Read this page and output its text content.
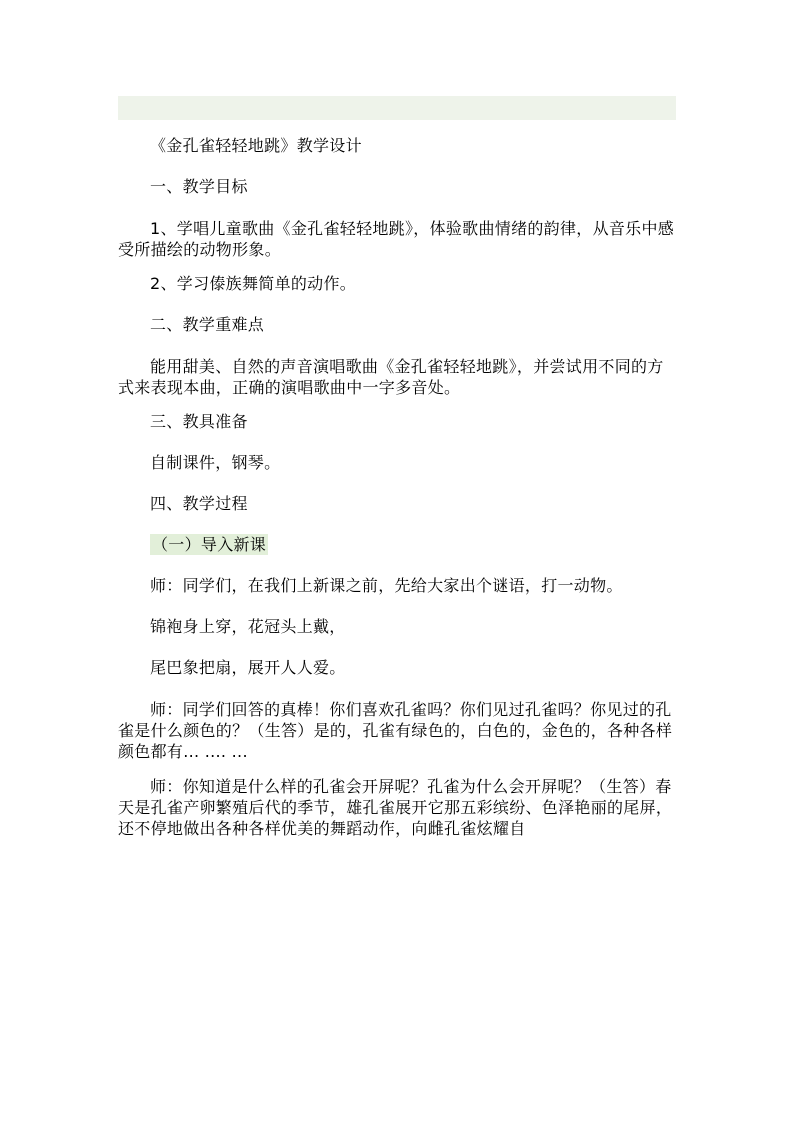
《金孔雀轻轻地跳》教学设计

一、教学目标

1、学唱儿童歌曲《金孔雀轻轻地跳》，体验歌曲情绪的韵律，从音乐中感受所描绘的动物形象。

2、学习傣族舞简单的动作。

二、教学重难点

能用甜美、自然的声音演唱歌曲《金孔雀轻轻地跳》，并尝试用不同的方式来表现本曲，正确的演唱歌曲中一字多音处。

三、教具准备

自制课件，钢琴。

四、教学过程

（一）导入新课

师：同学们，在我们上新课之前，先给大家出个谜语，打一动物。

锦袍身上穿，花冠头上戴，

尾巴象把扇，展开人人爱。

师：同学们回答的真棒！你们喜欢孔雀吗？你们见过孔雀吗？你见过的孔雀是什么颜色的？（生答）是的，孔雀有绿色的，白色的，金色的，各种各样颜色都有... .... ...

师：你知道是什么样的孔雀会开屏呢？孔雀为什么会开屏呢？（生答）春天是孔雀产卵繁殖后代的季节，雄孔雀展开它那五彩缤纷、色泽艳丽的尾屏，还不停地做出各种各样优美的舞蹈动作，向雌孔雀炫耀自
